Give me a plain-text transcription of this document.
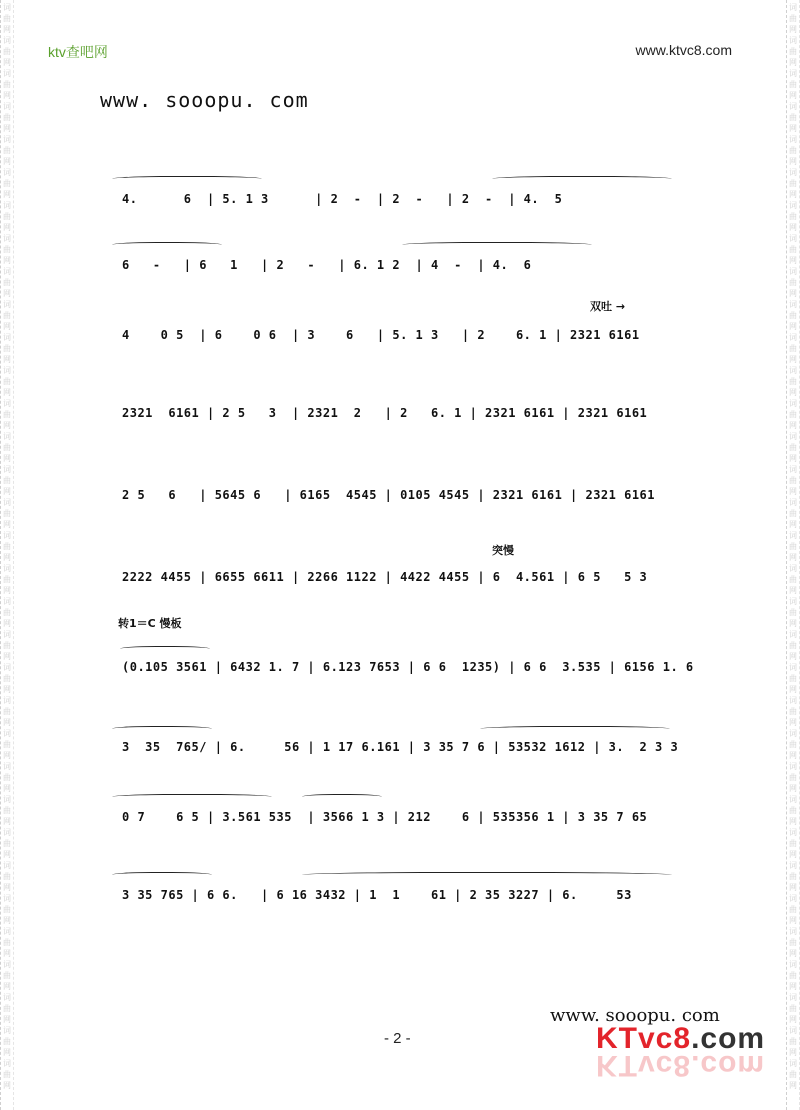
词
曲
网
词
曲
网
词
曲
网
词
曲
网
词
曲
网
词
曲
网
词
曲
网
词
曲
网
词
曲
网
词
曲
网
词
曲
网
词
曲
网
词
曲
网
词
曲
网
词
曲
网
词
曲
网
词
曲
网
词
曲
网
词
曲
网
词
曲
网
词
曲
网
词
曲
网
词
曲
网
词
曲
网
词
曲
网
词
曲
网
词
曲
网
词
曲
网
词
曲
网
词
曲
网
词
曲
网
词
曲
网
词
曲
网
词
曲
网
词
曲
网
词
曲
网
词
曲
网
词
曲
网
词
曲
网
词
曲
网
词
曲
网
词
曲
网
词
曲
网
词
曲
网
词
曲
网
词
曲
网
词
曲
网
词
曲
网
词
曲
网
词
曲
网
词
曲
网
词
曲
网
词
曲
网
词
曲
网
词
曲
网
词
曲
网
词
曲
网
词
曲
网
词
曲
网
词
曲
网
词
曲
网
词
曲
网
词
曲
网
词
曲
网
词
曲
网
词
曲
网
ktv查吧网	www.ktvc8.com
www. sooopu. com
4.      6  | 5. 1 3      | 2  -  | 2  -   | 2  -  | 4.  5
6   -   | 6   1   | 2   -   | 6. 1 2  | 4  -  | 4.  6
双吐 →
4    0 5  | 6    0 6  | 3    6   | 5. 1 3   | 2    6. 1 | 2321 6161
2321  6161 | 2 5   3  | 2321  2   | 2   6. 1 | 2321 6161 | 2321 6161
2 5   6   | 5645 6   | 6165  4545 | 0105 4545 | 2321 6161 | 2321 6161
突慢
2222 4455 | 6655 6611 | 2266 1122 | 4422 4455 | 6  4.561 | 6 5   5 3
转1＝C 慢板
(0.105 3561 | 6432 1. 7 | 6.123 7653 | 6 6  1235) | 6 6  3.535 | 6156 1. 6
3  35  765/ | 6.     56 | 1 17 6.161 | 3 35 7 6 | 53532 1612 | 3.  2 3 3
0 7    6 5 | 3.561 535  | 3566 1 3 | 212    6 | 535356 1 | 3 35 7 65
3 35 765 | 6 6.   | 6 16 3432 | 1  1    61 | 2 35 3227 | 6.     53
www. sooopu. com
- 2 -	KTvc8.com
KTvc8.com
